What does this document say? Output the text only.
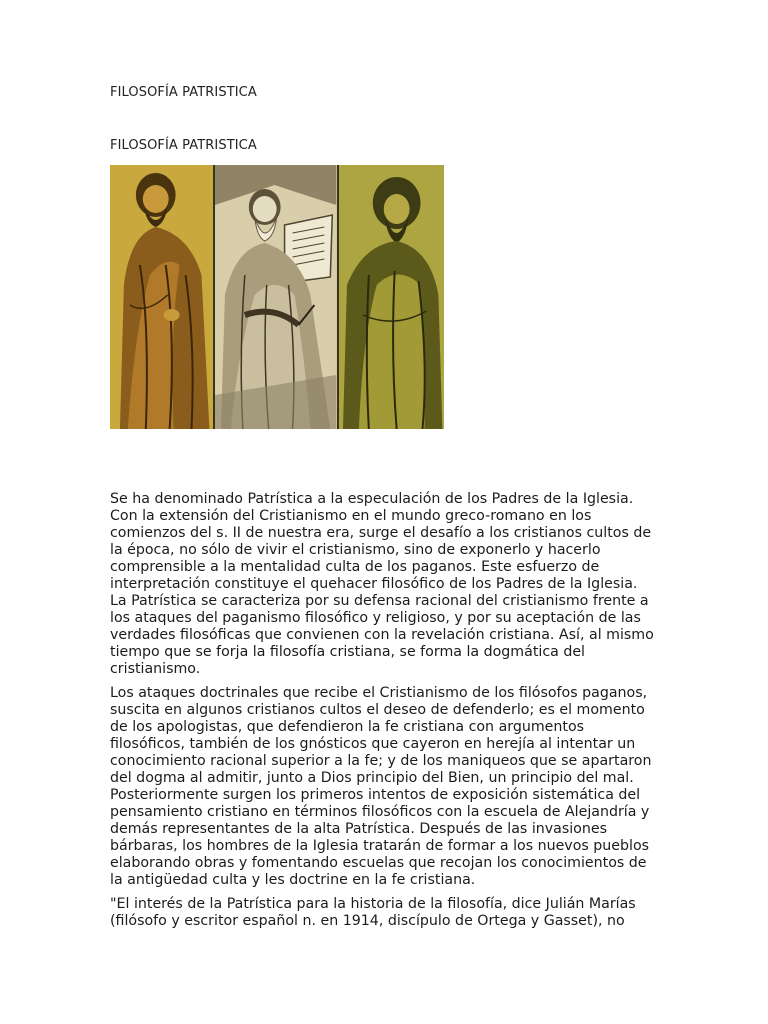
FILOSOFÍA PATRISTICA
FILOSOFÍA PATRISTICA

Se ha denominado Patrística a la especulación de los Padres de la Iglesia.
Con la extensión del Cristianismo en el mundo greco-romano en los
comienzos del s. II de nuestra era, surge el desafío a los cristianos cultos de
la época, no sólo de vivir el cristianismo, sino de exponerlo y hacerlo
comprensible a la mentalidad culta de los paganos. Este esfuerzo de
interpretación constituye el quehacer filosófico de los Padres de la Iglesia.
La Patrística se caracteriza por su defensa racional del cristianismo frente a
los ataques del paganismo filosófico y religioso, y por su aceptación de las
verdades filosóficas que convienen con la revelación cristiana. Así, al mismo
tiempo que se forja la filosofía cristiana, se forma la dogmática del
cristianismo.

Los ataques doctrinales que recibe el Cristianismo de los filósofos paganos,
suscita en algunos cristianos cultos el deseo de defenderlo; es el momento
de los apologistas, que defendieron la fe cristiana con argumentos
filosóficos, también de los gnósticos que cayeron en herejía al intentar un
conocimiento racional superior a la fe; y de los maniqueos que se apartaron
del dogma al admitir, junto a Dios principio del Bien, un principio del mal.
Posteriormente surgen los primeros intentos de exposición sistemática del
pensamiento cristiano en términos filosóficos con la escuela de Alejandría y
demás representantes de la alta Patrística. Después de las invasiones
bárbaras, los hombres de la Iglesia tratarán de formar a los nuevos pueblos
elaborando obras y fomentando escuelas que recojan los conocimientos de
la antigüedad culta y les doctrine en la fe cristiana.

"El interés de la Patrística para la historia de la filosofía, dice Julián Marías
(filósofo y escritor español n. en 1914, discípulo de Ortega y Gasset), no
